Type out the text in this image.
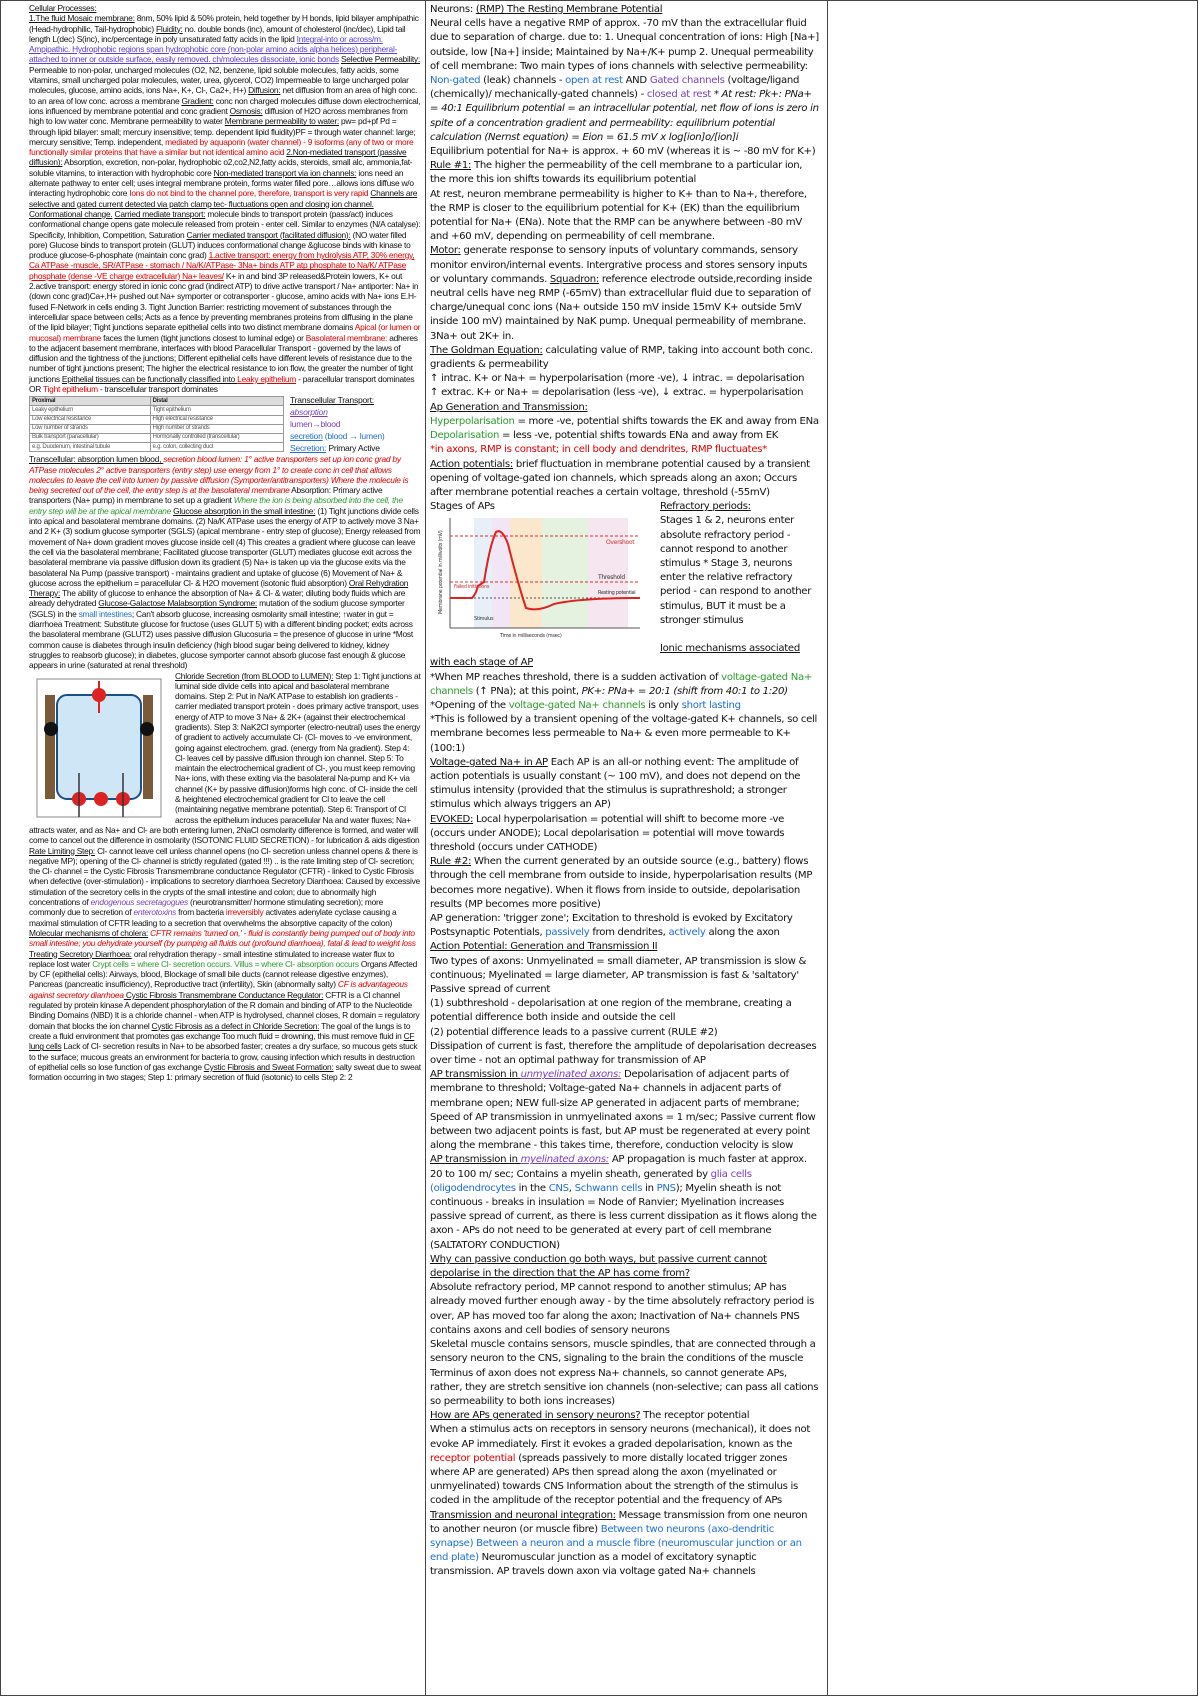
Cellular Processes:
1.The fluid Mosaic membrane: 8nm, 50% lipid & 50% protein, held together by H bonds, lipid bilayer amphipathic (Head-hydrophilic, Tail-hydrophobic) Fluidity: no. double bonds (inc), amount of cholesterol (inc/dec), Lipid tail length L(dec) S(inc), inc/percentage in poly unsaturated fatty acids in the lipid Integral-into or across/m. Ampipathic. Hydrophobic regions span hydrophobic core (non-polar amino acids alpha helices) peripheral-attached to inner or outside surface, easily removed. ch/molecules dissociate, ionic bonds Selective Permeability: Permeable to non-polar, uncharged molecules (O2, N2, benzene, lipid soluble molecules, fatty acids, some vitamins, small uncharged polar molecules, water, urea, glycerol, CO2) Impermeable to large uncharged polar molecules, glucose, amino acids, ions Na+, K+, Cl-, Ca2+, H+) Diffusion: net diffusion from an area of high conc. to an area of low conc. across a membrane Gradient: conc non charged molecules diffuse down electrochemical, ions influenced by membrane potential and conc gradient Osmosis: diffusion of H2O across membranes from high to low water conc. Membrane permeability to water Membrane permeability to water: pw= pd+pf Pd = through lipid bilayer: small; mercury insensitive; temp. dependent lipid fluidity)PF = through water channel: large; mercury sensitive; Temp. independent, mediated by aquaporin (water channel) - 9 isoforms (any of two or more functionally similar proteins that have a similar but not identical amino acid 2.Non-mediated transport (passive diffusion): Absorption, excretion, non-polar, hydrophobic o2,co2,N2,fatty acids, steroids, small alc, ammonia,fat-soluble vitamins, to interaction with hydrophobic core Non-mediated transport via ion channels: ions need an alternate pathway to enter cell; uses integral membrane protein, forms water filled pore…allows ions diffuse w/o interacting hydrophobic core Ions do not bind to the channel pore, therefore, transport is very rapid Channels are selective and gated current detected via patch clamp tec- fluctuations open and closing ion channel. Conformational change. Carried mediate transport: molecule binds to transport protein (pass/act) induces conformational change opens gate molecule released from protein - enter cell. Similar to enzymes (N/A catalyse): Specificity, Inhibition, Competition, Saturation Carrier mediated transport (facilitated diffusion): (NO water filled pore) Glucose binds to transport protein (GLUT) induces conformational change &glucose binds with kinase to produce glucose-6-phosphate (maintain conc grad) 1.active transport: energy from hydrolysis ATP, 30% energy, Ca ATPase -muscle, SR/ATPase - stomach / Na/K/ATPase- 3Na+ binds ATP atp phosphate to Na/K/ ATPase phosphate (dense -VE charge extracellular) Na+ leaves/ K+ in and bind 3P released&Protein lowers, K+ out 2.active transport: energy stored in ionic conc grad (indirect ATP) to drive active transport / Na+ antiporter: Na+ in (down conc grad)Ca+,H+ pushed out Na+ symporter or cotransporter - glucose, amino acids with Na+ ions E.H-fused F-Network in cells ending 3. Tight Junction Barrier: restricting movement of substances through the intercellular space between cells; Acts as a fence by preventing membranes proteins from diffusing in the plane of the lipid bilayer; Tight junctions separate epithelial cells into two distinct membrane domains Apical (or lumen or mucosal) membrane faces the lumen (tight junctions closest to luminal edge) or Basolateral membrane: adheres to the adjacent basement membrane, interfaces with blood Paracellular Transport - governed by the laws of diffusion and the tightness of the junctions; Different epithelial cells have different levels of resistance due to the number of tight junctions present; The higher the electrical resistance to ion flow, the greater the number of tight junctions Epithelial tissues can be functionally classified into Leaky epithelium - paracellular transport dominates OR Tight epithelium - transcellular transport dominates

Proximal	Distal
Leaky epithelium	Tight epithelium
Low electrical resistance	High electrical resistance
Low number of strands	High number of strands
Bulk transport (paracellular)	Hormonally controlled (transcellular)
e.g. Duodenum, intestinal tubule	e.g. colon, collecting duct
Transcellular Transport:
absorption
lumen→blood
secretion (blood → lumen)
Secretion: Primary Active

Transcellular: absorption lumen blood, secretion blood lumen: 1° active transporters set up ion conc grad by ATPase molecules 2° active transporters (entry step) use energy from 1° to create conc in cell that allows molecules to leave the cell into lumen by passive diffusion (Symporter/antitransporters) Where the molecule is being secreted out of the cell, the entry step is at the basolateral membrane Absorption: Primary active transporters (Na+ pump) in membrane to set up a gradient Where the ion is being absorbed into the cell, the entry step will be at the apical membrane Glucose absorption in the small intestine: (1) Tight junctions divide cells into apical and basolateral membrane domains. (2) Na/K ATPase uses the energy of ATP to actively move 3 Na+ and 2 K+ (3) sodium glucose symporter (SGLS) (apical membrane - entry step of glucose); Energy released from movement of Na+ down gradient moves glucose inside cell (4) This creates a gradient where glucose can leave the cell via the basolateral membrane; Facilitated glucose transporter (GLUT) mediates glucose exit across the basolateral membrane via passive diffusion down its gradient (5) Na+ is taken up via the glucose exits via the basolateral Na Pump (passive transport) - maintains gradient and uptake of glucose (6) Movement of Na+ & glucose across the epithelium = paracellular Cl- & H2O movement (isotonic fluid absorption) Oral Rehydration Therapy: The ability of glucose to enhance the absorption of Na+ & Cl- & water; diluting body fluids which are already dehydrated Glucose-Galactose Malabsorption Syndrome: mutation of the sodium glucose symporter (SGLS) in the small intestines; Can't absorb glucose, increasing osmolarity small intestine; ↑water in gut = diarrhoea Treatment: Substitute glucose for fructose (uses GLUT 5) with a different binding pocket; exits across the basolateral membrane (GLUT2) uses passive diffusion Glucosuria = the presence of glucose in urine *Most common cause is diabetes through insulin deficiency (high blood sugar being delivered to kidney, kidney struggles to reabsorb glucose); in diabetes, glucose symporter cannot absorb glucose fast enough & glucose appears in urine (saturated at renal threshold)

Chloride Secretion (from BLOOD to LUMEN): Step 1: Tight junctions at luminal side divide cells into apical and basolateral membrane domains. Step 2: Put in Na/K ATPase to establish ion gradients - carrier mediated transport protein - does primary active transport, uses energy of ATP to move 3 Na+ & 2K+ (against their electrochemical gradients). Step 3: NaK2Cl symporter (electro-neutral) uses the energy of gradient to actively accumulate Cl- (Cl- moves to -ve environment, going against electrochem. grad. (energy from Na gradient). Step 4: Cl- leaves cell by passive diffusion through ion channel. Step 5: To maintain the electrochemical gradient of Cl-, you must keep removing Na+ ions, with these exiting via the basolateral Na-pump and K+ via channel (K+ by passive diffusion)forms high conc. of Cl- inside the cell & heightened electrochemical gradient for Cl to leave the cell (maintaining negative membrane potential). Step 6: Transport of Cl across the epithelium induces paracellular Na and water fluxes; Na+ attracts water, and as Na+ and Cl- are both entering lumen, 2NaCl osmolarity difference is formed, and water will come to cancel out the difference in osmolarity (ISOTONIC FLUID SECRETION) - for lubrication & aids digestion Rate Limiting Step: Cl- cannot leave cell unless channel opens (no Cl- secretion unless channel opens & there is negative MP); opening of the Cl- channel is strictly regulated (gated !!!) .. is the rate limiting step of Cl- secretion; the Cl- channel = the Cystic Fibrosis Transmembrane conductance Regulator (CFTR) - linked to Cystic Fibrosis when defective (over-stimulation) - implications to secretory diarrhoea Secretory Diarrhoea: Caused by excessive stimulation of the secretory cells in the crypts of the small intestine and colon; due to abnormally high concentrations of endogenous secretagogues (neurotransmitter/ hormone stimulating secretion); more commonly due to secretion of enterotoxins from bacteria irreversibly activates adenylate cyclase causing a maximal stimulation of CFTR leading to a secretion that overwhelms the absorptive capacity of the colon) Molecular mechanisms of cholera: CFTR remains 'turned on,' - fluid is constantly being pumped out of body into small intestine; you dehydrate yourself (by pumping all fluids out (profound diarrhoea), fatal & lead to weight loss Treating Secretory Diarrhoea: oral rehydration therapy - small intestine stimulated to increase water flux to replace lost water Crypt cells = where Cl- secretion occurs. Villus = where Cl- absorption occurs Organs Affected by CF (epithelial cells): Airways, blood, Blockage of small bile ducts (cannot release digestive enzymes), Pancreas (pancreatic insufficiency), Reproductive tract (infertility), Skin (abnormally salty) CF is advantageous against secretory diarrhoea Cystic Fibrosis Transmembrane Conductance Regulator: CFTR is a Cl channel regulated by protein kinase A dependent phosphorylation of the R domain and binding of ATP to the Nucleotide Binding Domains (NBD) It is a chloride channel - when ATP is hydrolysed, channel closes, R domain = regulatory domain that blocks the ion channel Cystic Fibrosis as a defect in Chloride Secretion: The goal of the lungs is to create a fluid environment that promotes gas exchange Too much fluid = drowning, this must remove fluid in CF lung cells Lack of Cl- secretion results in Na+ to be absorbed faster; creates a dry surface, so mucous gets stuck to the surface; mucous greats an environment for bacteria to grow, causing infection which results in destruction of epithelial cells so lose function of gas exchange Cystic Fibrosis and Sweat Formation: salty sweat due to sweat formation occurring in two stages; Step 1: primary secretion of fluid (isotonic) to cells Step 2: 2

Neurons: (RMP) The Resting Membrane Potential
Neural cells have a negative RMP of approx. -70 mV than the extracellular fluid due to separation of charge. due to: 1. Unequal concentration of ions: High [Na+] outside, low [Na+] inside; Maintained by Na+/K+ pump 2. Unequal permeability of cell membrane: Two main types of ions channels with selective permeability: Non-gated (leak) channels - open at rest AND Gated channels (voltage/ligand (chemically)/ mechanically-gated channels) - closed at rest * At rest: Pk+: PNa+ = 40:1 Equilibrium potential = an intracellular potential, net flow of ions is zero in spite of a concentration gradient and permeability: equilibrium potential calculation (Nernst equation) = Eion = 61.5 mV x log[ion]o/[ion]i
Equilibrium potential for Na+ is approx. + 60 mV (whereas it is ~ -80 mV for K+)
Rule #1: The higher the permeability of the cell membrane to a particular ion, the more this ion shifts towards its equilibrium potential
At rest, neuron membrane permeability is higher to K+ than to Na+, therefore, the RMP is closer to the equilibrium potential for K+ (EK) than the equilibrium potential for Na+ (ENa). Note that the RMP can be anywhere between -80 mV and +60 mV, depending on permeability of cell membrane.
Motor: generate response to sensory inputs of voluntary commands, sensory monitor environ/internal events. Intergrative process and stores sensory inputs or voluntary commands. Squadron: reference electrode outside,recording inside neutral cells have neg RMP (-65mV) than extracellular fluid due to separation of charge/unequal conc ions (Na+ outside 150 mV inside 15mV K+ outside 5mV inside 100 mV) maintained by NaK pump. Unequal permeability of membrane. 3Na+ out 2K+ in.
The Goldman Equation: calculating value of RMP, taking into account both conc. gradients & permeability
↑ intrac. K+ or Na+ = hyperpolarisation (more -ve), ↓ intrac. = depolarisation
↑ extrac. K+ or Na+ = depolarisation (less -ve), ↓ extrac. = hyperpolarisation
Ap Generation and Transmission:
Hyperpolarisation = more -ve, potential shifts towards the EK and away from ENa
Depolarisation = less -ve, potential shifts towards ENa and away from EK
*in axons, RMP is constant; in cell body and dendrites, RMP fluctuates*
Action potentials: brief fluctuation in membrane potential caused by a transient opening of voltage-gated ion channels, which spreads along an axon; Occurs after membrane potential reaches a certain voltage, threshold (-55mV)

Stages of APs
Overshoot
Threshold
Resting potential
Failed initiations
Stimulus
Time in milliseconds (msec)
Membrane potential in millivolts (mV)
Refractory periods:
Stages 1 & 2, neurons enter absolute refractory period - cannot respond to another stimulus * Stage 3, neurons enter the relative refractory period - can respond to another stimulus, BUT it must be a stronger stimulus

Ionic mechanisms associated

with each stage of AP
*When MP reaches threshold, there is a sudden activation of voltage-gated Na+ channels (↑ PNa); at this point, PK+: PNa+ = 20:1 (shift from 40:1 to 1:20)
*Opening of the voltage-gated Na+ channels is only short lasting
*This is followed by a transient opening of the voltage-gated K+ channels, so cell membrane becomes less permeable to Na+ & even more permeable to K+ (100:1)
Voltage-gated Na+ in AP Each AP is an all-or nothing event: The amplitude of action potentials is usually constant (~ 100 mV), and does not depend on the stimulus intensity (provided that the stimulus is suprathreshold; a stronger stimulus which always triggers an AP)
EVOKED: Local hyperpolarisation = potential will shift to become more -ve (occurs under ANODE); Local depolarisation = potential will move towards threshold (occurs under CATHODE)
Rule #2: When the current generated by an outside source (e.g., battery) flows through the cell membrane from outside to inside, hyperpolarisation results (MP becomes more negative). When it flows from inside to outside, depolarisation results (MP becomes more positive)
AP generation: 'trigger zone'; Excitation to threshold is evoked by Excitatory Postsynaptic Potentials, passively from dendrites, actively along the axon
Action Potential: Generation and Transmission II
Two types of axons: Unmyelinated = small diameter, AP transmission is slow & continuous; Myelinated = large diameter, AP transmission is fast & 'saltatory' Passive spread of current
(1) subthreshold - depolarisation at one region of the membrane, creating a potential difference both inside and outside the cell
(2) potential difference leads to a passive current (RULE #2)
Dissipation of current is fast, therefore the amplitude of depolarisation decreases over time - not an optimal pathway for transmission of AP
AP transmission in unmyelinated axons: Depolarisation of adjacent parts of membrane to threshold; Voltage-gated Na+ channels in adjacent parts of membrane open; NEW full-size AP generated in adjacent parts of membrane; Speed of AP transmission in unmyelinated axons = 1 m/sec; Passive current flow between two adjacent points is fast, but AP must be regenerated at every point along the membrane - this takes time, therefore, conduction velocity is slow
AP transmission in myelinated axons: AP propagation is much faster at approx. 20 to 100 m/ sec; Contains a myelin sheath, generated by glia cells (oligodendrocytes in the CNS, Schwann cells in PNS); Myelin sheath is not continuous - breaks in insulation = Node of Ranvier; Myelination increases passive spread of current, as there is less current dissipation as it flows along the axon - APs do not need to be generated at every part of cell membrane (SALTATORY CONDUCTION)
Why can passive conduction go both ways, but passive current cannot depolarise in the direction that the AP has come from?
Absolute refractory period, MP cannot respond to another stimulus; AP has already moved further enough away - by the time absolutely refractory period is over, AP has moved too far along the axon; Inactivation of Na+ channels PNS contains axons and cell bodies of sensory neurons
Skeletal muscle contains sensors, muscle spindles, that are connected through a sensory neuron to the CNS, signaling to the brain the conditions of the muscle Terminus of axon does not express Na+ channels, so cannot generate APs, rather, they are stretch sensitive ion channels (non-selective; can pass all cations so permeability to both ions increases)
How are APs generated in sensory neurons? The receptor potential
When a stimulus acts on receptors in sensory neurons (mechanical), it does not evoke AP immediately. First it evokes a graded depolarisation, known as the receptor potential (spreads passively to more distally located trigger zones where AP are generated) APs then spread along the axon (myelinated or unmyelinated) towards CNS Information about the strength of the stimulus is coded in the amplitude of the receptor potential and the frequency of APs
Transmission and neuronal integration: Message transmission from one neuron to another neuron (or muscle fibre) Between two neurons (axo-dendritic synapse) Between a neuron and a muscle fibre (neuromuscular junction or an end plate) Neuromuscular junction as a model of excitatory synaptic transmission. AP travels down axon via voltage gated Na+ channels
